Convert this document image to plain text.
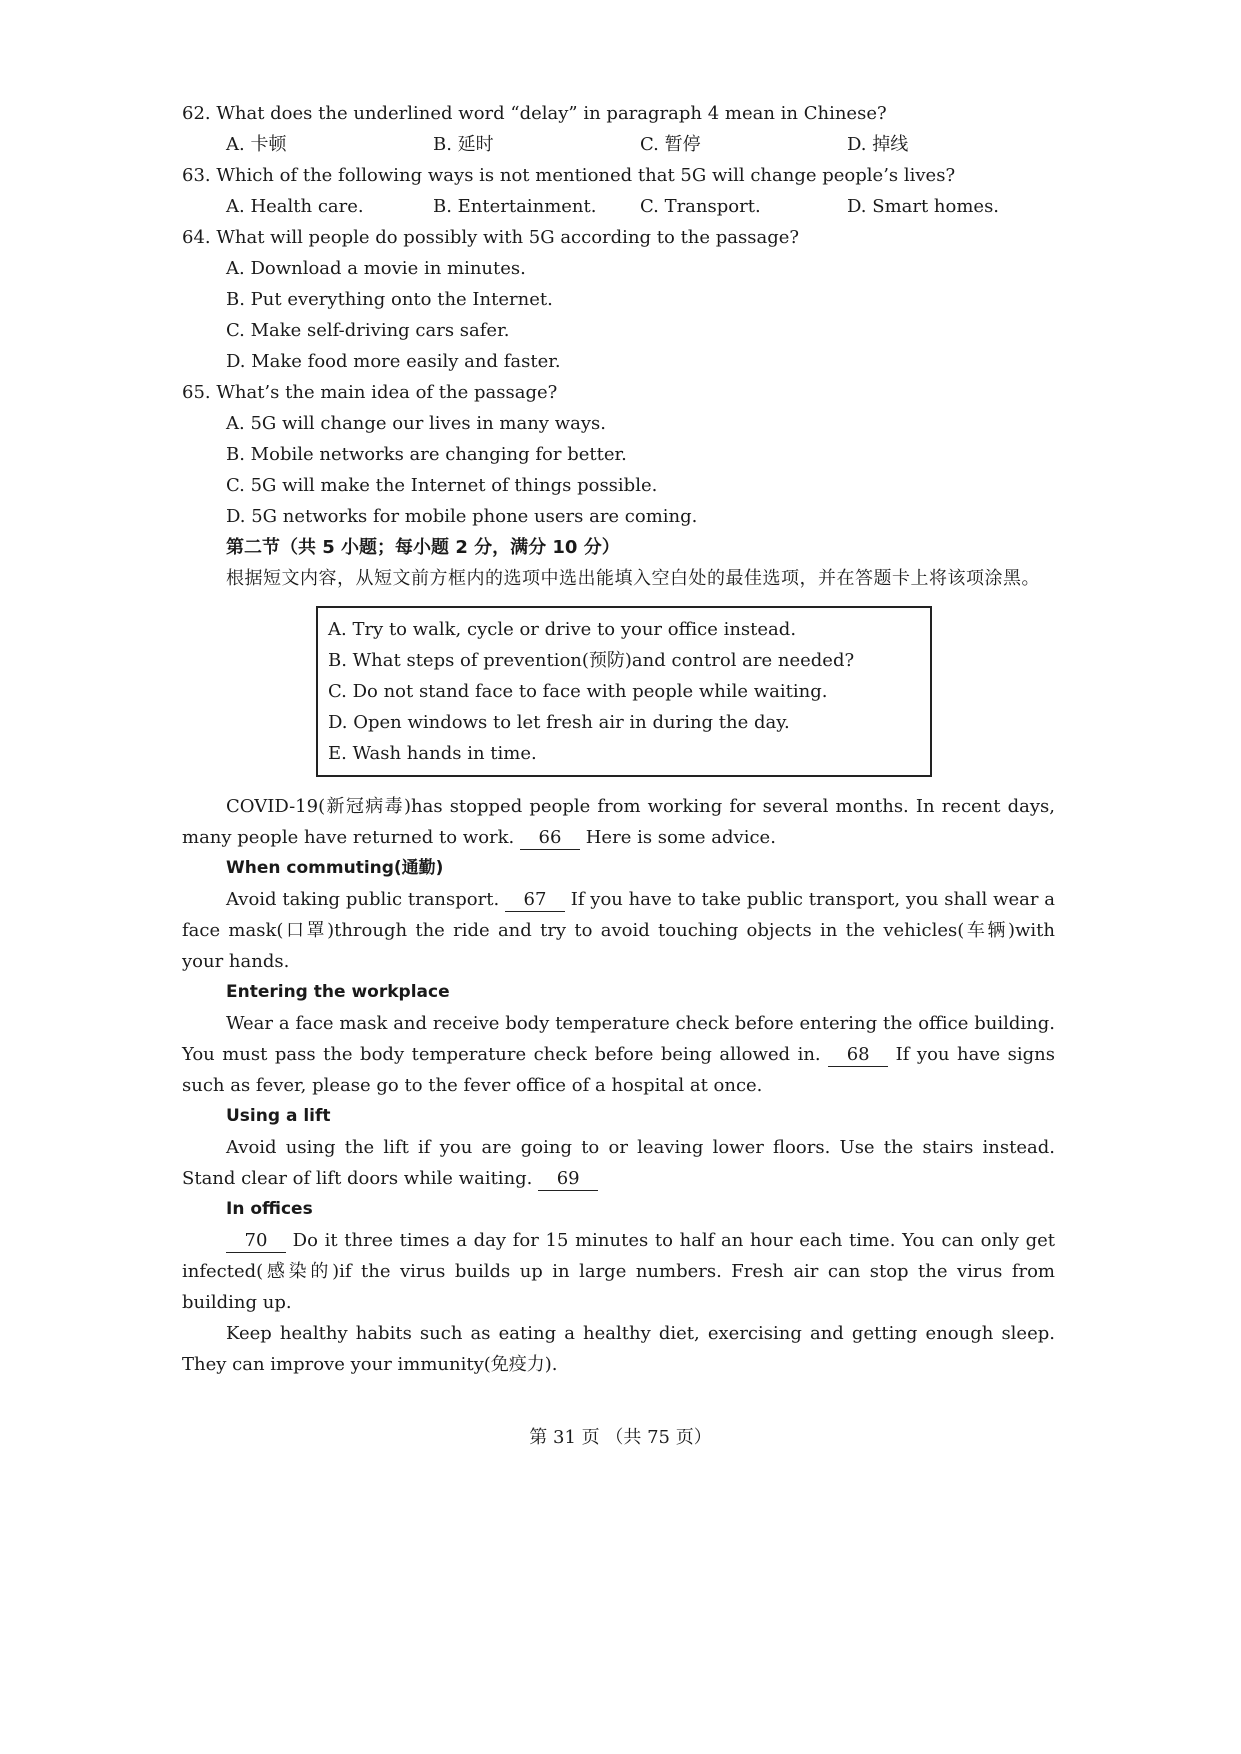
62. What does the underlined word “delay” in paragraph 4 mean in Chinese?
A. 卡顿	B. 延时	C. 暂停	D. 掉线
63. Which of the following ways is not mentioned that 5G will change people’s lives?
A. Health care.	B. Entertainment.	C. Transport.	D. Smart homes.
64. What will people do possibly with 5G according to the passage?
A. Download a movie in minutes.
B. Put everything onto the Internet.
C. Make self-driving cars safer.
D. Make food more easily and faster.
65. What’s the main idea of the passage?
A. 5G will change our lives in many ways.
B. Mobile networks are changing for better.
C. 5G will make the Internet of things possible.
D. 5G networks for mobile phone users are coming.
第二节（共 5 小题；每小题 2 分，满分 10 分）
根据短文内容，从短文前方框内的选项中选出能填入空白处的最佳选项，并在答题卡上将该项涂黑。
A. Try to walk, cycle or drive to your office instead.
B. What steps of prevention(预防)and control are needed?
C. Do not stand face to face with people while waiting.
D. Open windows to let fresh air in during the day.
E. Wash hands in time.
COVID-19(新冠病毒)has stopped people from working for several months. In recent days, many people have returned to work. 66 Here is some advice.
When commuting(通勤)
Avoid taking public transport. 67 If you have to take public transport, you shall wear a face mask(口罩)through the ride and try to avoid touching objects in the vehicles(车辆)with your hands.
Entering the workplace
Wear a face mask and receive body temperature check before entering the office building. You must pass the body temperature check before being allowed in. 68 If you have signs such as fever, please go to the fever office of a hospital at once.
Using a lift
Avoid using the lift if you are going to or leaving lower floors. Use the stairs instead. Stand clear of lift doors while waiting. 69
In offices
70 Do it three times a day for 15 minutes to half an hour each time. You can only get infected(感染的)if the virus builds up in large numbers. Fresh air can stop the virus from building up.
Keep healthy habits such as eating a healthy diet, exercising and getting enough sleep. They can improve your immunity(免疫力).
第 31 页 （共 75 页）
